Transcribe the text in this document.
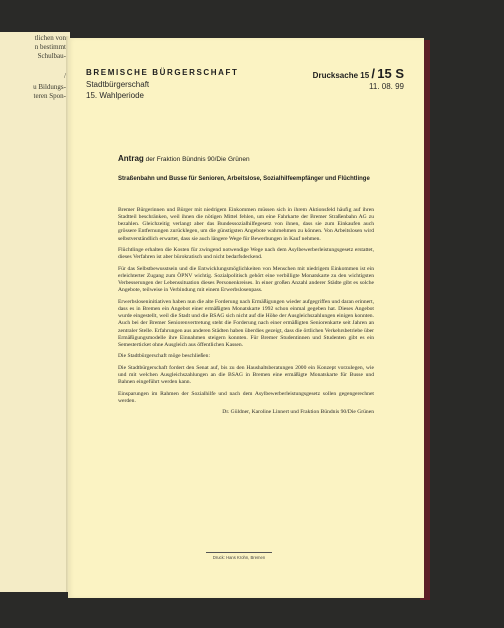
tlichen von
n bestimmt
Schulbau-
u Bildungs-
teren Spon-
BREMISCHE BÜRGERSCHAFT
Stadtbürgerschaft
15. Wahlperiode
Drucksache 15 / 15 S
11. 08. 99
Antrag der Fraktion Bündnis 90/Die Grünen
Straßenbahn und Busse für Senioren, Arbeitslose, Sozialhilfeempfänger und Flüchtlinge

Bremer Bürgerinnen und Bürger mit niedrigem Einkommen müssen sich in ihrem Aktionsfeld häufig auf ihren Stadtteil beschränken, weil ihnen die nötigen Mittel fehlen, um eine Fahrkarte der Bremer Straßenbahn AG zu bezahlen. Gleichzeitig verlangt aber das Bundessozialhilfegesetz von ihnen, dass sie zum Einkaufen auch grössere Entfernungen zurücklegen, um die günstigsten Angebote wahrnehmen zu können. Von Arbeitslosen wird selbstverständlich erwartet, dass sie auch längere Wege für Bewerbungen in Kauf nehmen.

Flüchtlinge erhalten die Kosten für zwingend notwendige Wege nach dem Asylbewerberleistungsgesetz erstattet, dieses Verfahren ist aber bürokratisch und nicht bedarfsdeckend.

Für das Selbstbewusstsein und die Entwicklungsmöglichkeiten von Menschen mit niedrigem Einkommen ist ein erleichterter Zugang zum ÖPNV wichtig. Sozialpolitisch gehört eine verbilligte Monatskarte zu den wichtigsten Verbesserungen der Lebenssituation dieses Personenkreises. In einer großen Anzahl anderer Städte gibt es solche Angebote, teilweise in Verbindung mit einem Erwerbslosenpass.

Erwerbsloseninitiativen haben nun die alte Forderung nach Ermäßigungen wieder aufgegriffen und daran erinnert, dass es in Bremen ein Angebot einer ermäßigten Monatskarte 1992 schon einmal gegeben hat. Dieses Angebot wurde eingestellt, weil die Stadt und die BSAG sich nicht auf die Höhe der Ausgleichszahlungen einigen konnten. Auch bei der Bremer Seniorenvertretung steht die Forderung nach einer ermäßigten Seniorenkarte seit Jahren an zentraler Stelle. Erfahrungen aus anderen Städten haben überdies gezeigt, dass die örtlichen Verkehrsbetriebe über Ermäßigungsmodelle ihre Einnahmen steigern konnten. Für Bremer Studentinnen und Studenten gibt es ein Semesterticket ohne Ausgleich aus öffentlichen Kassen.

Die Stadtbürgerschaft möge beschließen:

Die Stadtbürgerschaft fordert den Senat auf, bis zu den Haushaltsberatungen 2000 ein Konzept vorzulegen, wie und mit welchen Ausgleichszahlungen an die BSAG in Bremen eine ermäßigte Monatskarte für Busse und Bahnen eingeführt werden kann.

Einsparungen im Rahmen der Sozialhilfe und nach dem Asylbewerberleistungsgesetz sollen gegengerechnet werden.

Dr. Güldner, Karoline Linnert und Fraktion Bündnis 90/Die Grünen

Druck: Hans Krohn, Bremen
